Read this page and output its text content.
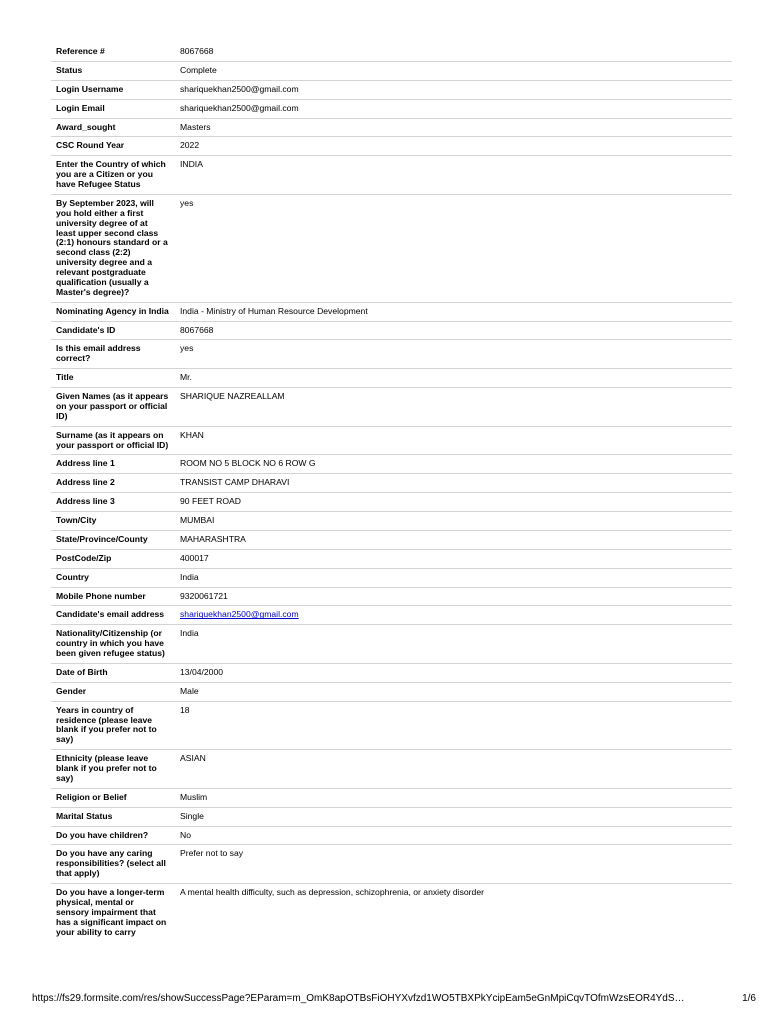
Reference #	8067668
Status	Complete
Login Username	shariquekhan2500@gmail.com
Login Email	shariquekhan2500@gmail.com
Award_sought	Masters
CSC Round Year	2022
Enter the Country of which you are a Citizen or you have Refugee Status	INDIA
By September 2023, will you hold either a first university degree of at least upper second class (2:1) honours standard or a second class (2:2) university degree and a relevant postgraduate qualification (usually a Master's degree)?	yes
Nominating Agency in India	India - Ministry of Human Resource Development
Candidate's ID	8067668
Is this email address correct?	yes
Title	Mr.
Given Names (as it appears on your passport or official ID)	SHARIQUE NAZREALLAM
Surname (as it appears on your passport or official ID)	KHAN
Address line 1	ROOM NO 5 BLOCK NO 6 ROW G
Address line 2	TRANSIST CAMP DHARAVI
Address line 3	90 FEET ROAD
Town/City	MUMBAI
State/Province/County	MAHARASHTRA
PostCode/Zip	400017
Country	India
Mobile Phone number	9320061721
Candidate's email address	shariquekhan2500@gmail.com
Nationality/Citizenship (or country in which you have been given refugee status)	India
Date of Birth	13/04/2000
Gender	Male
Years in country of residence (please leave blank if you prefer not to say)	18
Ethnicity (please leave blank if you prefer not to say)	ASIAN
Religion or Belief	Muslim
Marital Status	Single
Do you have children?	No
Do you have any caring responsibilities? (select all that apply)	Prefer not to say
Do you have a longer-term physical, mental or sensory impairment that has a significant impact on your ability to carry	A mental health difficulty, such as depression, schizophrenia, or anxiety disorder
https://fs29.formsite.com/res/showSuccessPage?EParam=m_OmK8apOTBsFiOHYXvfzd1WO5TBXPkYcipEam5eGnMpiCqvTOfmWzsEOR4YdS…	1/6
